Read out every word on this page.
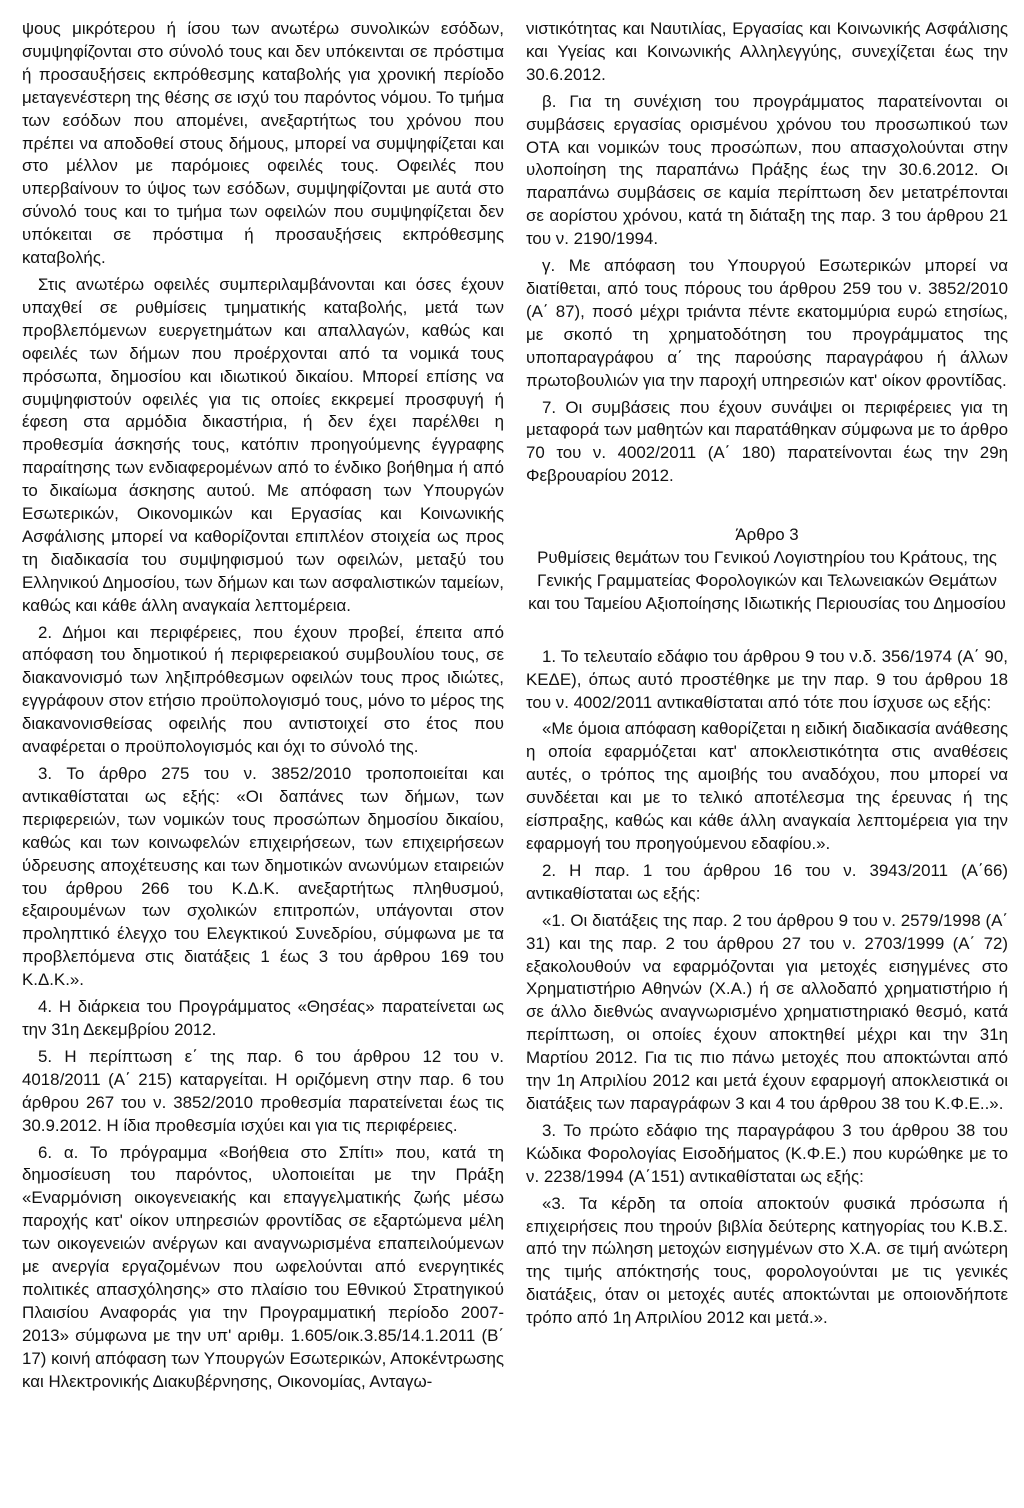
ψους μικρότερου ή ίσου των ανωτέρω συνολικών εσόδων, συμψηφίζονται στο σύνολό τους και δεν υπόκεινται σε πρόστιμα ή προσαυξήσεις εκπρόθεσμης καταβολής για χρονική περίοδο μεταγενέστερη της θέσης σε ισχύ του παρόντος νόμου. Το τμήμα των εσόδων που απομένει, ανεξαρτήτως του χρόνου που πρέπει να αποδοθεί στους δήμους, μπορεί να συμψηφίζεται και στο μέλλον με παρόμοιες οφειλές τους. Οφειλές που υπερβαίνουν το ύψος των εσόδων, συμψηφίζονται με αυτά στο σύνολό τους και το τμήμα των οφειλών που συμψηφίζεται δεν υπόκειται σε πρόστιμα ή προσαυξήσεις εκπρόθεσμης καταβολής.

Στις ανωτέρω οφειλές συμπεριλαμβάνονται και όσες έχουν υπαχθεί σε ρυθμίσεις τμηματικής καταβολής, μετά των προβλεπόμενων ευεργετημάτων και απαλλαγών, καθώς και οφειλές των δήμων που προέρχονται από τα νομικά τους πρόσωπα, δημοσίου και ιδιωτικού δικαίου. Μπορεί επίσης να συμψηφιστούν οφειλές για τις οποίες εκκρεμεί προσφυγή ή έφεση στα αρμόδια δικαστήρια, ή δεν έχει παρέλθει η προθεσμία άσκησής τους, κατόπιν προηγούμενης έγγραφης παραίτησης των ενδιαφερομένων από το ένδικο βοήθημα ή από το δικαίωμα άσκησης αυτού. Με απόφαση των Υπουργών Εσωτερικών, Οικονομικών και Εργασίας και Κοινωνικής Ασφάλισης μπορεί να καθορίζονται επιπλέον στοιχεία ως προς τη διαδικασία του συμψηφισμού των οφειλών, μεταξύ του Ελληνικού Δημοσίου, των δήμων και των ασφαλιστικών ταμείων, καθώς και κάθε άλλη αναγκαία λεπτομέρεια.

2. Δήμοι και περιφέρειες, που έχουν προβεί, έπειτα από απόφαση του δημοτικού ή περιφερειακού συμβουλίου τους, σε διακανονισμό των ληξιπρόθεσμων οφειλών τους προς ιδιώτες, εγγράφουν στον ετήσιο προϋπολογισμό τους, μόνο το μέρος της διακανονισθείσας οφειλής που αντιστοιχεί στο έτος που αναφέρεται ο προϋπολογισμός και όχι το σύνολό της.

3. Το άρθρο 275 του ν. 3852/2010 τροποποιείται και αντικαθίσταται ως εξής: «Οι δαπάνες των δήμων, των περιφερειών, των νομικών τους προσώπων δημοσίου δικαίου, καθώς και των κοινωφελών επιχειρήσεων, των επιχειρήσεων ύδρευσης αποχέτευσης και των δημοτικών ανωνύμων εταιρειών του άρθρου 266 του Κ.Δ.Κ. ανεξαρτήτως πληθυσμού, εξαιρουμένων των σχολικών επιτροπών, υπάγονται στον προληπτικό έλεγχο του Ελεγκτικού Συνεδρίου, σύμφωνα με τα προβλεπόμενα στις διατάξεις 1 έως 3 του άρθρου 169 του Κ.Δ.Κ.».

4. Η διάρκεια του Προγράμματος «Θησέας» παρατείνεται ως την 31η Δεκεμβρίου 2012.

5. Η περίπτωση ε΄ της παρ. 6 του άρθρου 12 του ν. 4018/2011 (Α΄ 215) καταργείται. Η οριζόμενη στην παρ. 6 του άρθρου 267 του ν. 3852/2010 προθεσμία παρατείνεται έως τις 30.9.2012. Η ίδια προθεσμία ισχύει και για τις περιφέρειες.

6. α. Το πρόγραμμα «Βοήθεια στο Σπίτι» που, κατά τη δημοσίευση του παρόντος, υλοποιείται με την Πράξη «Εναρμόνιση οικογενειακής και επαγγελματικής ζωής μέσω παροχής κατ' οίκον υπηρεσιών φροντίδας σε εξαρτώμενα μέλη των οικογενειών ανέργων και αναγνωρισμένα επαπειλούμενων με ανεργία εργαζομένων που ωφελούνται από ενεργητικές πολιτικές απασχόλησης» στο πλαίσιο του Εθνικού Στρατηγικού Πλαισίου Αναφοράς για την Προγραμματική περίοδο 2007-2013» σύμφωνα με την υπ' αριθμ. 1.605/οικ.3.85/14.1.2011 (Β΄ 17) κοινή απόφαση των Υπουργών Εσωτερικών, Αποκέντρωσης και Ηλεκτρονικής Διακυβέρνησης, Οικονομίας, Ανταγω-

νιστικότητας και Ναυτιλίας, Εργασίας και Κοινωνικής Ασφάλισης και Υγείας και Κοινωνικής Αλληλεγγύης, συνεχίζεται έως την 30.6.2012.

β. Για τη συνέχιση του προγράμματος παρατείνονται οι συμβάσεις εργασίας ορισμένου χρόνου του προσωπικού των ΟΤΑ και νομικών τους προσώπων, που απασχολούνται στην υλοποίηση της παραπάνω Πράξης έως την 30.6.2012. Οι παραπάνω συμβάσεις σε καμία περίπτωση δεν μετατρέπονται σε αορίστου χρόνου, κατά τη διάταξη της παρ. 3 του άρθρου 21 του ν. 2190/1994.

γ. Με απόφαση του Υπουργού Εσωτερικών μπορεί να διατίθεται, από τους πόρους του άρθρου 259 του ν. 3852/2010 (Α΄ 87), ποσό μέχρι τριάντα πέντε εκατομμύρια ευρώ ετησίως, με σκοπό τη χρηματοδότηση του προγράμματος της υποπαραγράφου α΄ της παρούσης παραγράφου ή άλλων πρωτοβουλιών για την παροχή υπηρεσιών κατ' οίκον φροντίδας.

7. Οι συμβάσεις που έχουν συνάψει οι περιφέρειες για τη μεταφορά των μαθητών και παρατάθηκαν σύμφωνα με το άρθρο 70 του ν. 4002/2011 (Α΄ 180) παρατείνονται έως την 29η Φεβρουαρίου 2012.

Άρθρο 3
Ρυθμίσεις θεμάτων του Γενικού Λογιστηρίου του Κράτους, της Γενικής Γραμματείας Φορολογικών και Τελωνειακών Θεμάτων και του Ταμείου Αξιοποίησης Ιδιωτικής Περιουσίας του Δημοσίου

1. Το τελευταίο εδάφιο του άρθρου 9 του ν.δ. 356/1974 (Α΄ 90, ΚΕΔΕ), όπως αυτό προστέθηκε με την παρ. 9 του άρθρου 18 του ν. 4002/2011 αντικαθίσταται από τότε που ίσχυσε ως εξής:

«Με όμοια απόφαση καθορίζεται η ειδική διαδικασία ανάθεσης η οποία εφαρμόζεται κατ' αποκλειστικότητα στις αναθέσεις αυτές, ο τρόπος της αμοιβής του αναδόχου, που μπορεί να συνδέεται και με το τελικό αποτέλεσμα της έρευνας ή της είσπραξης, καθώς και κάθε άλλη αναγκαία λεπτομέρεια για την εφαρμογή του προηγούμενου εδαφίου.».

2. Η παρ. 1 του άρθρου 16 του ν. 3943/2011 (Α΄66) αντικαθίσταται ως εξής:

«1. Οι διατάξεις της παρ. 2 του άρθρου 9 του ν. 2579/1998 (Α΄ 31) και της παρ. 2 του άρθρου 27 του ν. 2703/1999 (Α΄ 72) εξακολουθούν να εφαρμόζονται για μετοχές εισηγμένες στο Χρηματιστήριο Αθηνών (Χ.Α.) ή σε αλλοδαπό χρηματιστήριο ή σε άλλο διεθνώς αναγνωρισμένο χρηματιστηριακό θεσμό, κατά περίπτωση, οι οποίες έχουν αποκτηθεί μέχρι και την 31η Μαρτίου 2012. Για τις πιο πάνω μετοχές που αποκτώνται από την 1η Απριλίου 2012 και μετά έχουν εφαρμογή αποκλειστικά οι διατάξεις των παραγράφων 3 και 4 του άρθρου 38 του Κ.Φ.Ε..».

3. Το πρώτο εδάφιο της παραγράφου 3 του άρθρου 38 του Κώδικα Φορολογίας Εισοδήματος (Κ.Φ.Ε.) που κυρώθηκε με το ν. 2238/1994 (Α΄151) αντικαθίσταται ως εξής:

«3. Τα κέρδη τα οποία αποκτούν φυσικά πρόσωπα ή επιχειρήσεις που τηρούν βιβλία δεύτερης κατηγορίας του Κ.Β.Σ. από την πώληση μετοχών εισηγμένων στο Χ.Α. σε τιμή ανώτερη της τιμής απόκτησής τους, φορολογούνται με τις γενικές διατάξεις, όταν οι μετοχές αυτές αποκτώνται με οποιονδήποτε τρόπο από 1η Απριλίου 2012 και μετά.».
